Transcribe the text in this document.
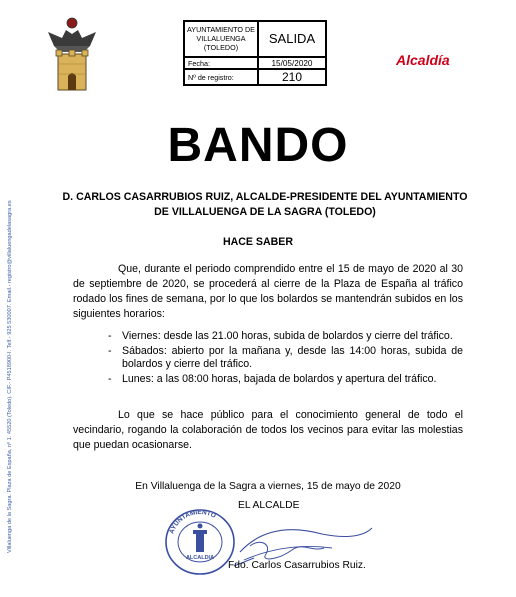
AYUNTAMIENTO DE VILLALUENGA (TOLEDO)
SALIDA
Fecha:	15/05/2020
Nº de registro:	210
Alcaldía
BANDO
Villaluenga de la Sagra. Plaza de España, nº 1. 45520 (Toledo). CIF.- P4518900-I. Telf.- 925 530007. Email.- registro@villaluengadelasagra.es
D. CARLOS CASARRUBIOS RUIZ, ALCALDE-PRESIDENTE DEL AYUNTAMIENTO DE VILLALUENGA DE LA SAGRA (TOLEDO)
HACE SABER
Que, durante el periodo comprendido entre el 15 de mayo de 2020 al 30 de septiembre de 2020, se procederá al cierre de la Plaza de España al tráfico rodado los fines de semana, por lo que los bolardos se mantendrán subidos en los siguientes horarios:
- Viernes: desde las 21.00 horas, subida de bolardos y cierre del tráfico.
- Sábados: abierto por la mañana y, desde las 14:00 horas, subida de bolardos y cierre del tráfico.
- Lunes: a las 08:00 horas, bajada de bolardos y apertura del tráfico.
Lo que se hace público para el conocimiento general de todo el vecindario, rogando la colaboración de todos los vecinos para evitar las molestias que puedan ocasionarse.
En Villaluenga de la Sagra a viernes, 15 de mayo de 2020
EL ALCALDE
AYUNTAMIENTO
ALCALDIA
Fdo. Carlos Casarrubios Ruiz.
